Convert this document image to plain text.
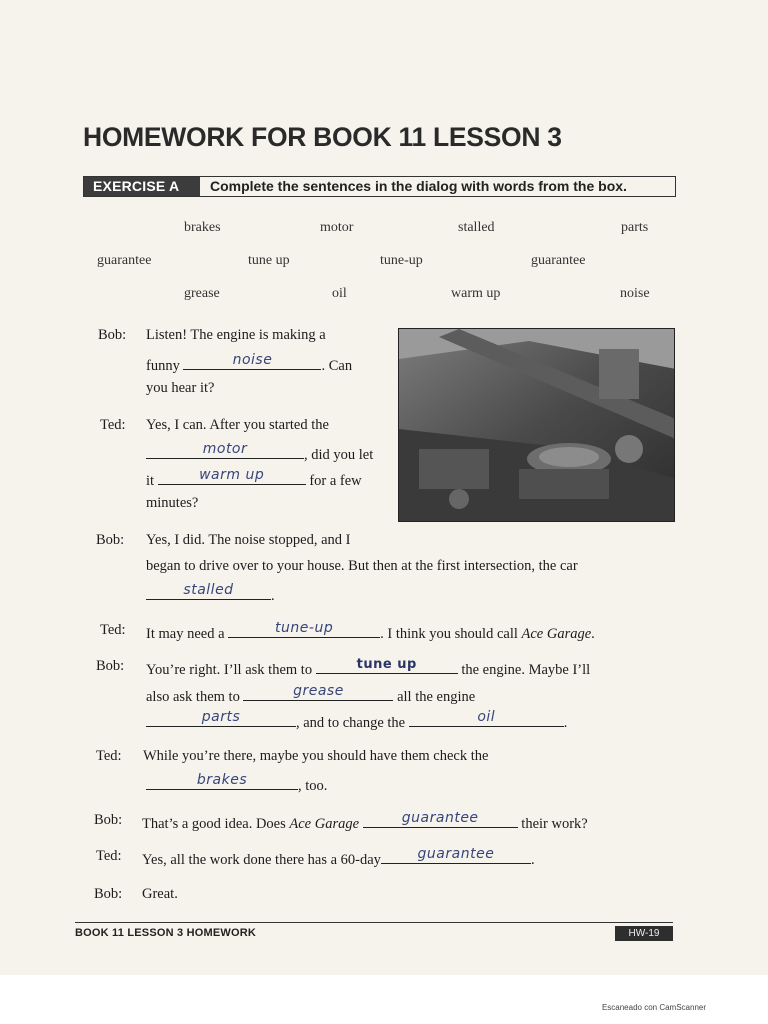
HOMEWORK FOR BOOK 11 LESSON 3
EXERCISE A	Complete the sentences in the dialog with words from the box.
brakes	motor	stalled	parts
guarantee	tune up	tune-up	guarantee
grease	oil	warm up	noise
Bob: Listen! The engine is making a
funny	noise	. Can
you hear it?
Ted: Yes, I can. After you started the
motor	, did you let
it	warm up	for a few
minutes?
Bob: Yes, I did. The noise stopped, and I
began to drive over to your house. But then at the first intersection, the car
stalled	.
Ted: It may need a	tune-up	. I think you should call Ace Garage.
Bob: You’re right. I’ll ask them to	tune up	the engine. Maybe I’ll
also ask them to	grease	all the engine
parts	, and to change the	oil	.
Ted: While you’re there, maybe you should have them check the
brakes	, too.
Bob: That’s a good idea. Does Ace Garage	guarantee	their work?
Ted: Yes, all the work done there has a 60-day	guarantee	.
Bob: Great.
BOOK 11 LESSON 3 HOMEWORK	HW-19
Escaneado con CamScanner
